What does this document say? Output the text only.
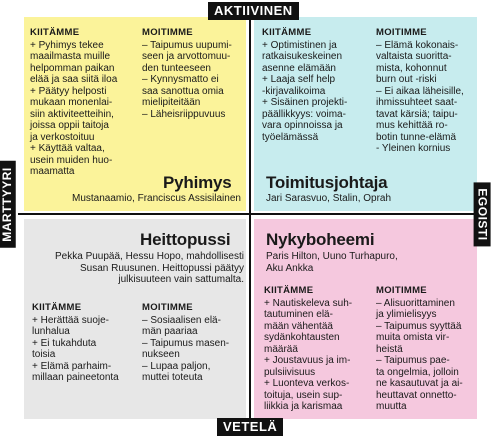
AKTIIVINEN
VETELÄ
MARTTYYRI	EGOISTI
KIITÄMME
+ Pyhimys tekee
maailmasta muille
helpomman paikan
elää ja saa siitä iloa
+ Päätyy helposti
mukaan monenlai-
siin aktiviteetteihin,
joissa oppii taitoja
ja verkostoituu
+ Käyttää valtaa,
usein muiden huo-
maamatta
MOITIMME
– Taipumus uupumi-
seen ja arvottomuu-
den tunteeseen
– Kynnysmatto ei
saa sanottua omia
mielipiteitään
– Läheisriippuvuus
Pyhimys
Mustanaamio, Franciscus Assisilainen
KIITÄMME
+ Optimistinen ja
ratkaisukeskeinen
asenne elämään
+ Laaja self help
-kirjavalikoima
+ Sisäinen projekti-
päällikkyys: voima-
vara opinnoissa ja
työelämässä
MOITIMME
– Elämä kokonais-
valtaista suoritta-
mista, kohonnut
burn out -riski
– Ei aikaa läheisille,
ihmissuhteet saat-
tavat kärsiä; taipu-
mus kehittää ro-
botin tunne-elämä
- Yleinen kornius
Toimitusjohtaja
Jari Sarasvuo, Stalin, Oprah
Heittopussi
Pekka Puupää, Hessu Hopo, mahdollisesti
Susan Ruusunen. Heittopussi päätyy
julkisuuteen vain sattumalta.
KIITÄMME
+ Herättää suoje-
lunhalua
+ Ei tukahduta
toisia
+ Elämä parhaim-
millaan paineetonta
MOITIMME
– Sosiaalisen elä-
män paariaa
– Taipumus masen-
nukseen
– Lupaa paljon,
muttei toteuta
Nykyboheemi
Paris Hilton, Uuno Turhapuro,
Aku Ankka
KIITÄMME
+ Nautiskeleva suh-
tautuminen elä-
mään vähentää
sydänkohtausten
määrää
+ Joustavuus ja im-
pulsiivisuus
+ Luonteva verkos-
toituja, usein sup-
liikkia ja karismaa
MOITIMME
– Alisuorittaminen
ja ylimielisyys
– Taipumus syyttää
muita omista vir-
heistä
– Taipumus pae-
ta ongelmia, jolloin
ne kasautuvat ja ai-
heuttavat onnetto-
muutta
